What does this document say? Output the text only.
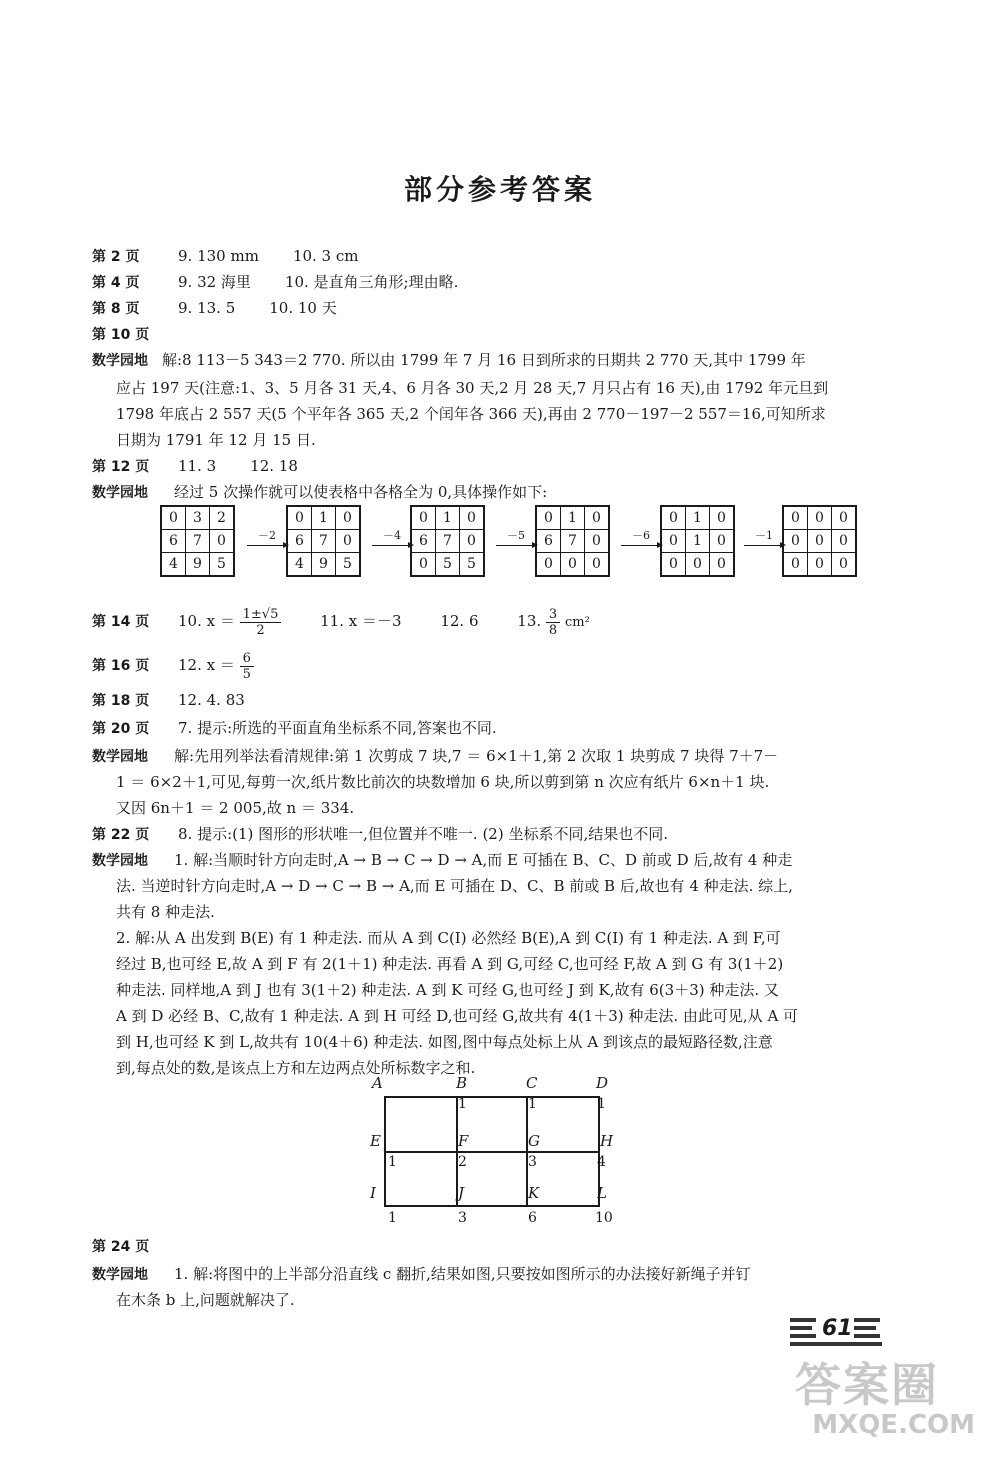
部分参考答案
第 2 页	9. 130 mm 10. 3 cm
第 4 页	9. 32 海里 10. 是直角三角形;理由略.
第 8 页	9. 13. 5 10. 10 天
第 10 页
数学园地 解:8 113－5 343＝2 770. 所以由 1799 年 7 月 16 日到所求的日期共 2 770 天,其中 1799 年
应占 197 天(注意:1、3、5 月各 31 天,4、6 月各 30 天,2 月 28 天,7 月只占有 16 天),由 1792 年元旦到
1798 年底占 2 557 天(5 个平年各 365 天,2 个闰年各 366 天),再由 2 770－197－2 557＝16,可知所求
日期为 1791 年 12 月 15 日.
第 12 页 11. 3 12. 18
数学园地 经过 5 次操作就可以使表格中各格全为 0,具体操作如下:
0	3	2
6	7	0
4	9	5
0	1	0
6	7	0
4	9	5
0	1	0
6	7	0
0	5	5
0	1	0
6	7	0
0	0	0
0	1	0
0	1	0
0	0	0
0	0	0
0	0	0
0	0	0
－2	－4	－5	－6	－1
第 14 页 10. $x = \frac{1\pm√5}{2}$	11. x ＝－3	12. 6	13. $\frac{3}{8} cm^2$
第 16 页 12. $x = \frac{6}{5}$
第 18 页 12. 4. 83
第 20 页 7. 提示:所选的平面直角坐标系不同,答案也不同.
数学园地 解:先用列举法看清规律:第 1 次剪成 7 块,7 ＝ 6×1＋1,第 2 次取 1 块剪成 7 块得 7＋7－
1 ＝ 6×2＋1,可见,每剪一次,纸片数比前次的块数增加 6 块,所以剪到第 n 次应有纸片 6×n＋1 块.
又因 6n＋1 ＝ 2 005,故 n ＝ 334.
第 22 页 8. 提示:(1) 图形的形状唯一,但位置并不唯一. (2) 坐标系不同,结果也不同.
数学园地 1. 解:当顺时针方向走时,A → B → C → D → A,而 E 可插在 B、C、D 前或 D 后,故有 4 种走
法. 当逆时针方向走时,A → D → C → B → A,而 E 可插在 D、C、B 前或 B 后,故也有 4 种走法. 综上,
共有 8 种走法.
2. 解:从 A 出发到 B(E) 有 1 种走法. 而从 A 到 C(I) 必然经 B(E),A 到 C(I) 有 1 种走法. A 到 F,可
经过 B,也可经 E,故 A 到 F 有 2(1＋1) 种走法. 再看 A 到 G,可经 C,也可经 F,故 A 到 G 有 3(1＋2)
种走法. 同样地,A 到 J 也有 3(1＋2) 种走法. A 到 K 可经 G,也可经 J 到 K,故有 6(3＋3) 种走法. 又
A 到 D 必经 B、C,故有 1 种走法. A 到 H 可经 D,也可经 G,故共有 4(1＋3) 种走法. 由此可见,从 A 可
到 H,也可经 K 到 L,故共有 10(4＋6) 种走法. 如图,图中每点处标上从 A 到该点的最短路径数,注意
到,每点处的数,是该点上方和左边两点处所标数字之和.
A	B	C	D
1	1	1
E	F	G	H
1	2	3	4
I	J	K	L
1	3	6	10
第 24 页
数学园地 1. 解:将图中的上半部分沿直线 c 翻折,结果如图,只要按如图所示的办法接好新绳子并钉
在木条 b 上,问题就解决了.
61
答案圈
MXQE.COM
